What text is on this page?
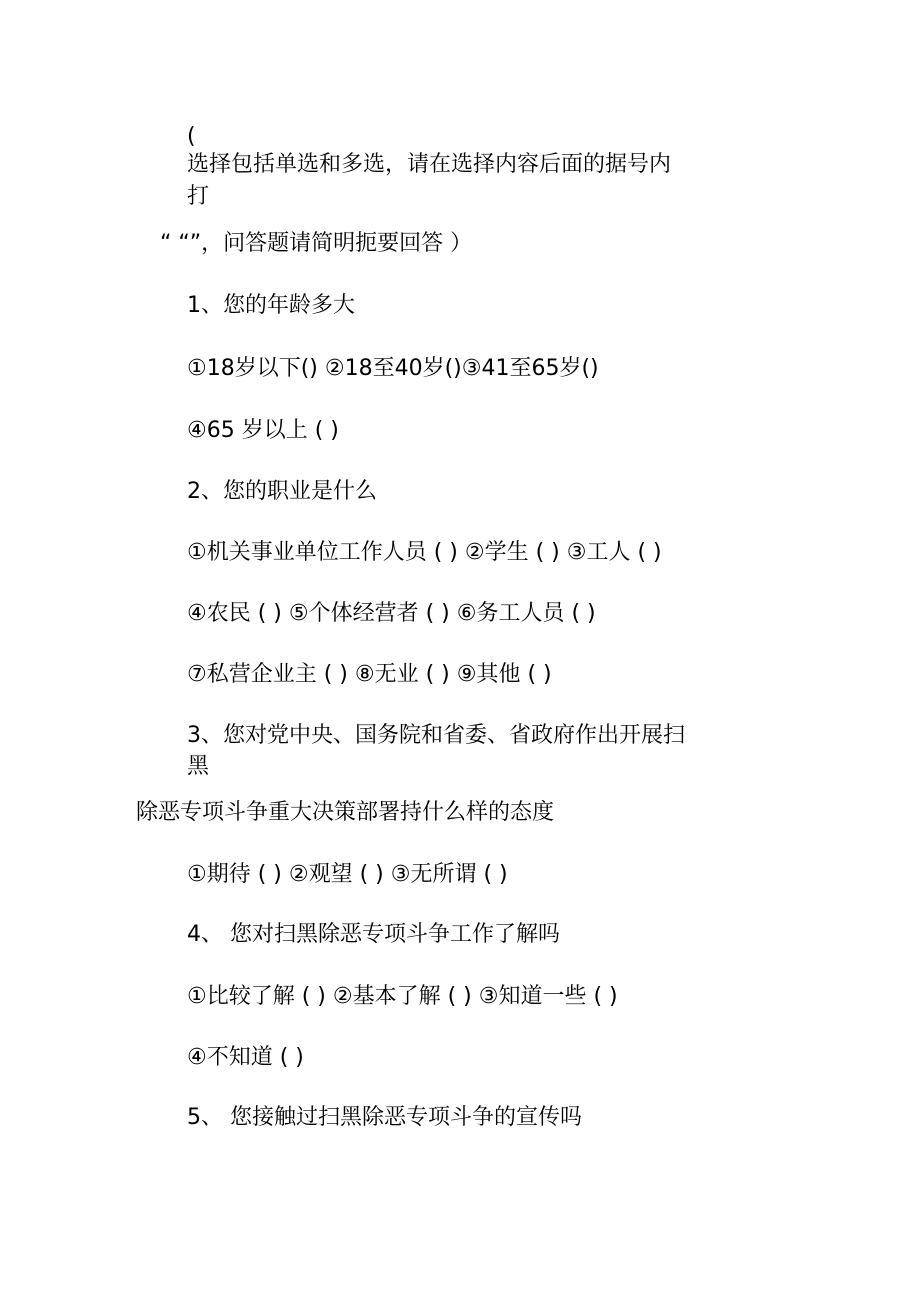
(
选择包括单选和多选，请在选择内容后面的据号内
打
“ “”，问答题请简明扼要回答 ）
1、您的年龄多大
①18岁以下() ②18至40岁()③41至65岁()
④65 岁以上 ( )
2、您的职业是什么
①机关事业单位工作人员 ( ) ②学生 ( ) ③工人 ( )
④农民 ( ) ⑤个体经营者 ( ) ⑥务工人员 ( )
⑦私营企业主 ( ) ⑧无业 ( ) ⑨其他 ( )
3、您对党中央、国务院和省委、省政府作出开展扫
黑
除恶专项斗争重大决策部署持什么样的态度
①期待 ( ) ②观望 ( ) ③无所谓 ( )
4、 您对扫黑除恶专项斗争工作了解吗
①比较了解 ( ) ②基本了解 ( ) ③知道一些 ( )
④不知道 ( )
5、 您接触过扫黑除恶专项斗争的宣传吗
